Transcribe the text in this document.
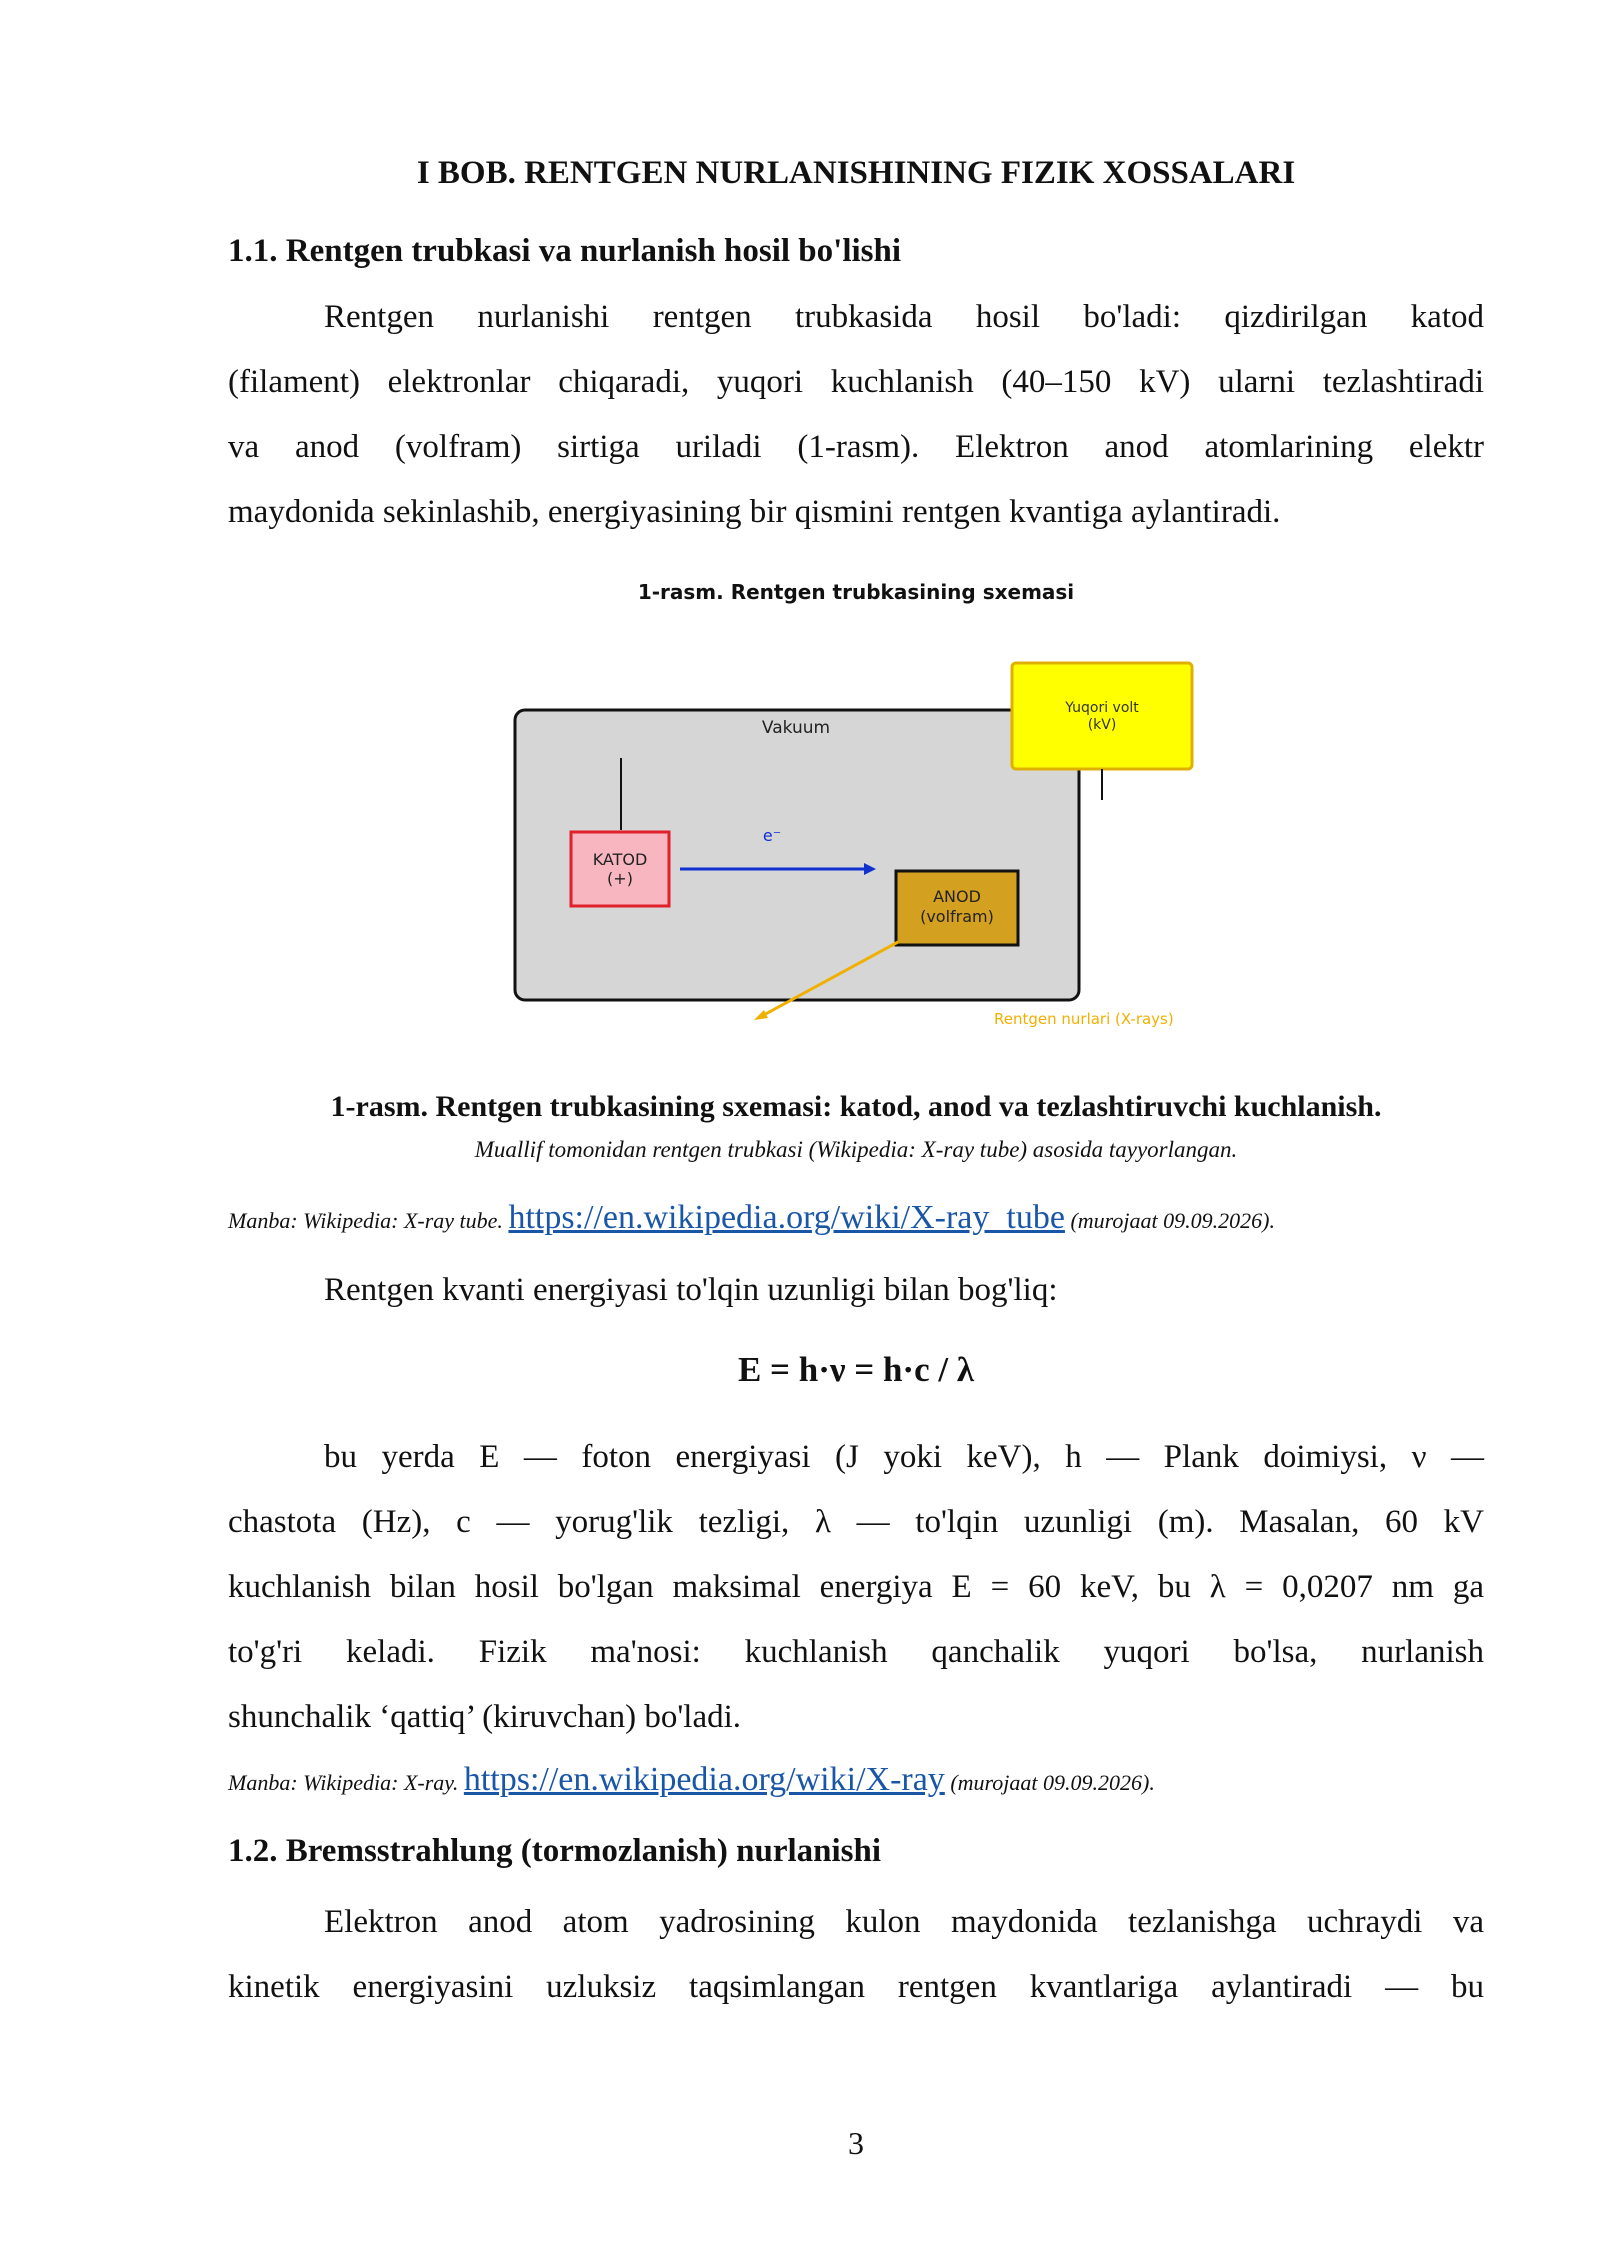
I BOB. RENTGEN NURLANISHINING FIZIK XOSSALARI
1.1. Rentgen trubkasi va nurlanish hosil bo'lishi
Rentgen nurlanishi rentgen trubkasida hosil bo'ladi: qizdirilgan katod
(filament) elektronlar chiqaradi, yuqori kuchlanish (40–150 kV) ularni tezlashtiradi
va anod (volfram) sirtiga uriladi (1-rasm). Elektron anod atomlarining elektr
maydonida sekinlashib, energiyasining bir qismini rentgen kvantiga aylantiradi.
1-rasm. Rentgen trubkasining sxemasi
Vakuum
Yuqori volt
(kV)
KATOD
(+)
e⁻
ANOD
(volfram)
Rentgen nurlari (X-rays)
1-rasm. Rentgen trubkasining sxemasi: katod, anod va tezlashtiruvchi kuchlanish.
Muallif tomonidan rentgen trubkasi (Wikipedia: X-ray tube) asosida tayyorlangan.
Manba: Wikipedia: X-ray tube. https://en.wikipedia.org/wiki/X-ray_tube (murojaat 09.09.2026).
Rentgen kvanti energiyasi to'lqin uzunligi bilan bog'liq:
E = h·ν = h·c / λ
bu yerda E — foton energiyasi (J yoki keV), h — Plank doimiysi, ν —
chastota (Hz), c — yorug'lik tezligi, λ — to'lqin uzunligi (m). Masalan, 60 kV
kuchlanish bilan hosil bo'lgan maksimal energiya E = 60 keV, bu λ = 0,0207 nm ga
to'g'ri keladi. Fizik ma'nosi: kuchlanish qanchalik yuqori bo'lsa, nurlanish
shunchalik ‘qattiq’ (kiruvchan) bo'ladi.
Manba: Wikipedia: X-ray. https://en.wikipedia.org/wiki/X-ray (murojaat 09.09.2026).
1.2. Bremsstrahlung (tormozlanish) nurlanishi
Elektron anod atom yadrosining kulon maydonida tezlanishga uchraydi va
kinetik energiyasini uzluksiz taqsimlangan rentgen kvantlariga aylantiradi — bu
3
